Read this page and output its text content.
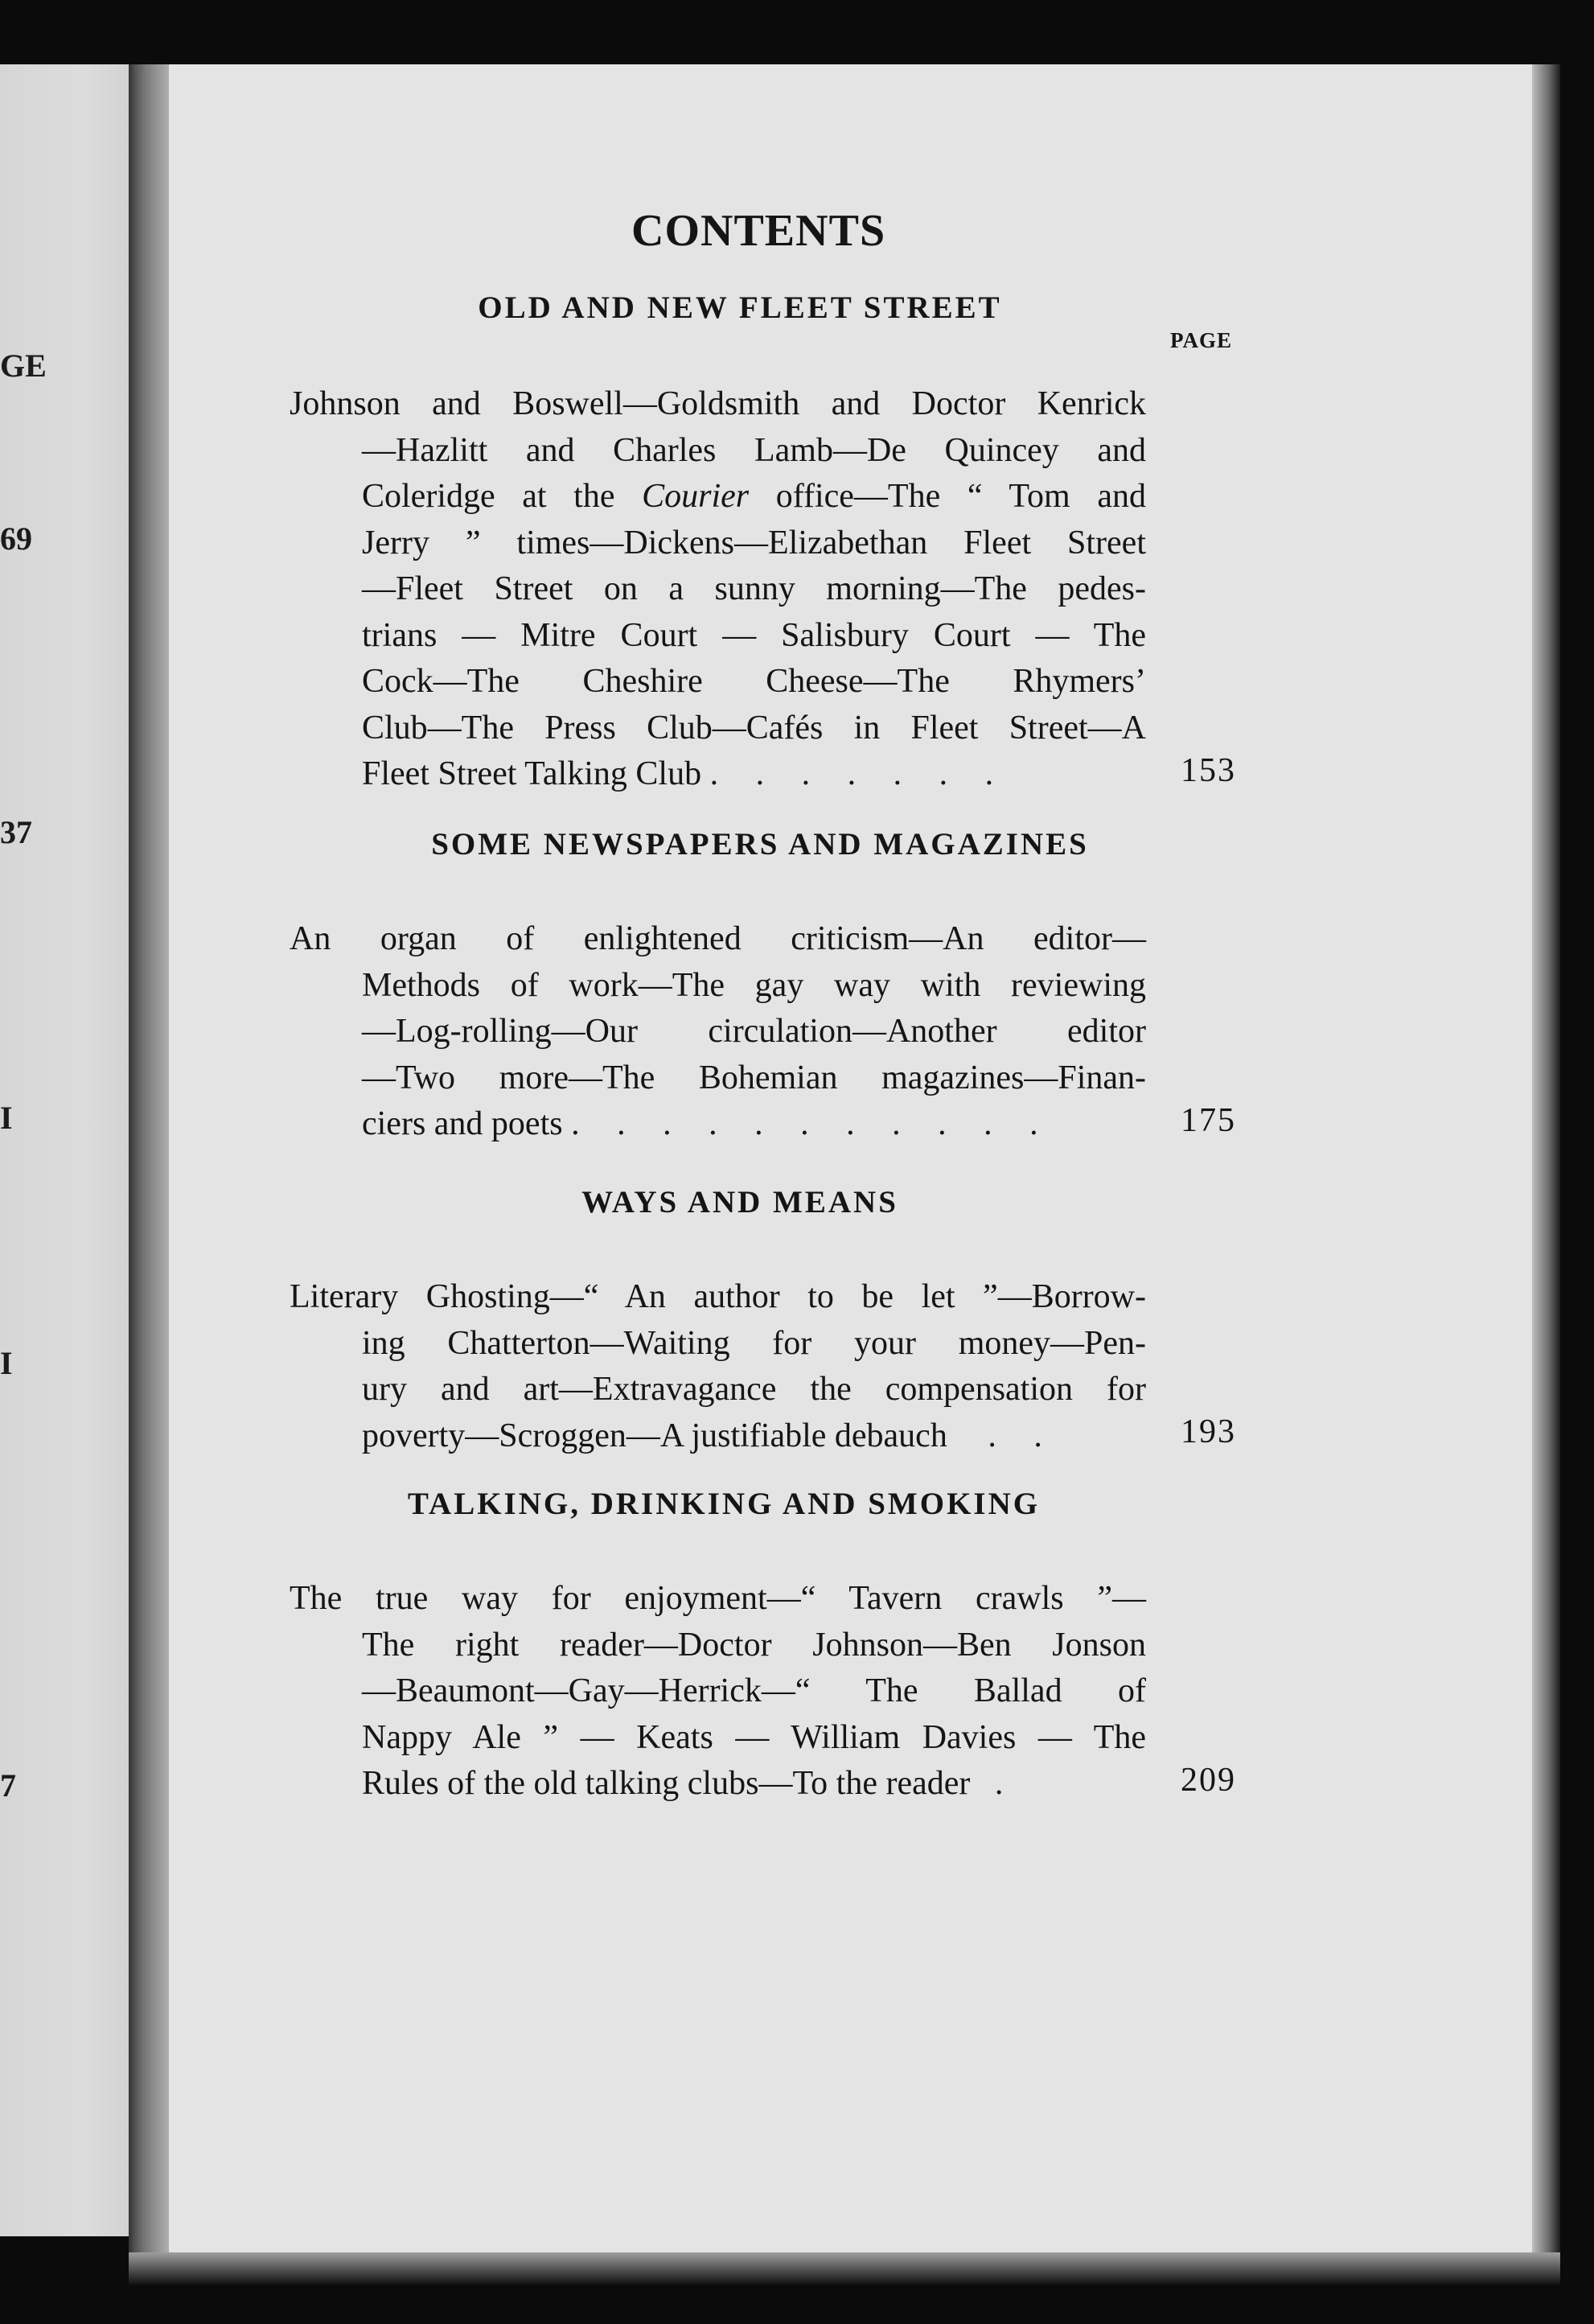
GE
69
37
I
I
7
CONTENTS
PAGE
OLD AND NEW FLEET STREET
Johnson and Boswell—Goldsmith and Doctor Kenrick
—Hazlitt and Charles Lamb—De Quincey and
Coleridge at the Courier office—The “ Tom and
Jerry ” times—Dickens—Elizabethan Fleet Street
—Fleet Street on a sunny morning—The pedes-
trians — Mitre Court — Salisbury Court — The
Cock—The Cheshire Cheese—The Rhymers’
Club—The Press Club—Cafés in Fleet Street—A
Fleet Street Talking Club . . . . . . .	153
SOME NEWSPAPERS AND MAGAZINES
An organ of enlightened criticism—An editor—
Methods of work—The gay way with reviewing
—Log-rolling—Our circulation—Another editor
—Two more—The Bohemian magazines—Finan-
ciers and poets . . . . . . . . . . .	175
WAYS AND MEANS
Literary Ghosting—“ An author to be let ”—Borrow-
ing Chatterton—Waiting for your money—Pen-
ury and art—Extravagance the compensation for
poverty—Scroggen—A justifiable debauch . .	193
TALKING, DRINKING AND SMOKING
The true way for enjoyment—“ Tavern crawls ”—
The right reader—Doctor Johnson—Ben Jonson
—Beaumont—Gay—Herrick—“ The Ballad of
Nappy Ale ” — Keats — William Davies — The
Rules of the old talking clubs—To the reader .	209
